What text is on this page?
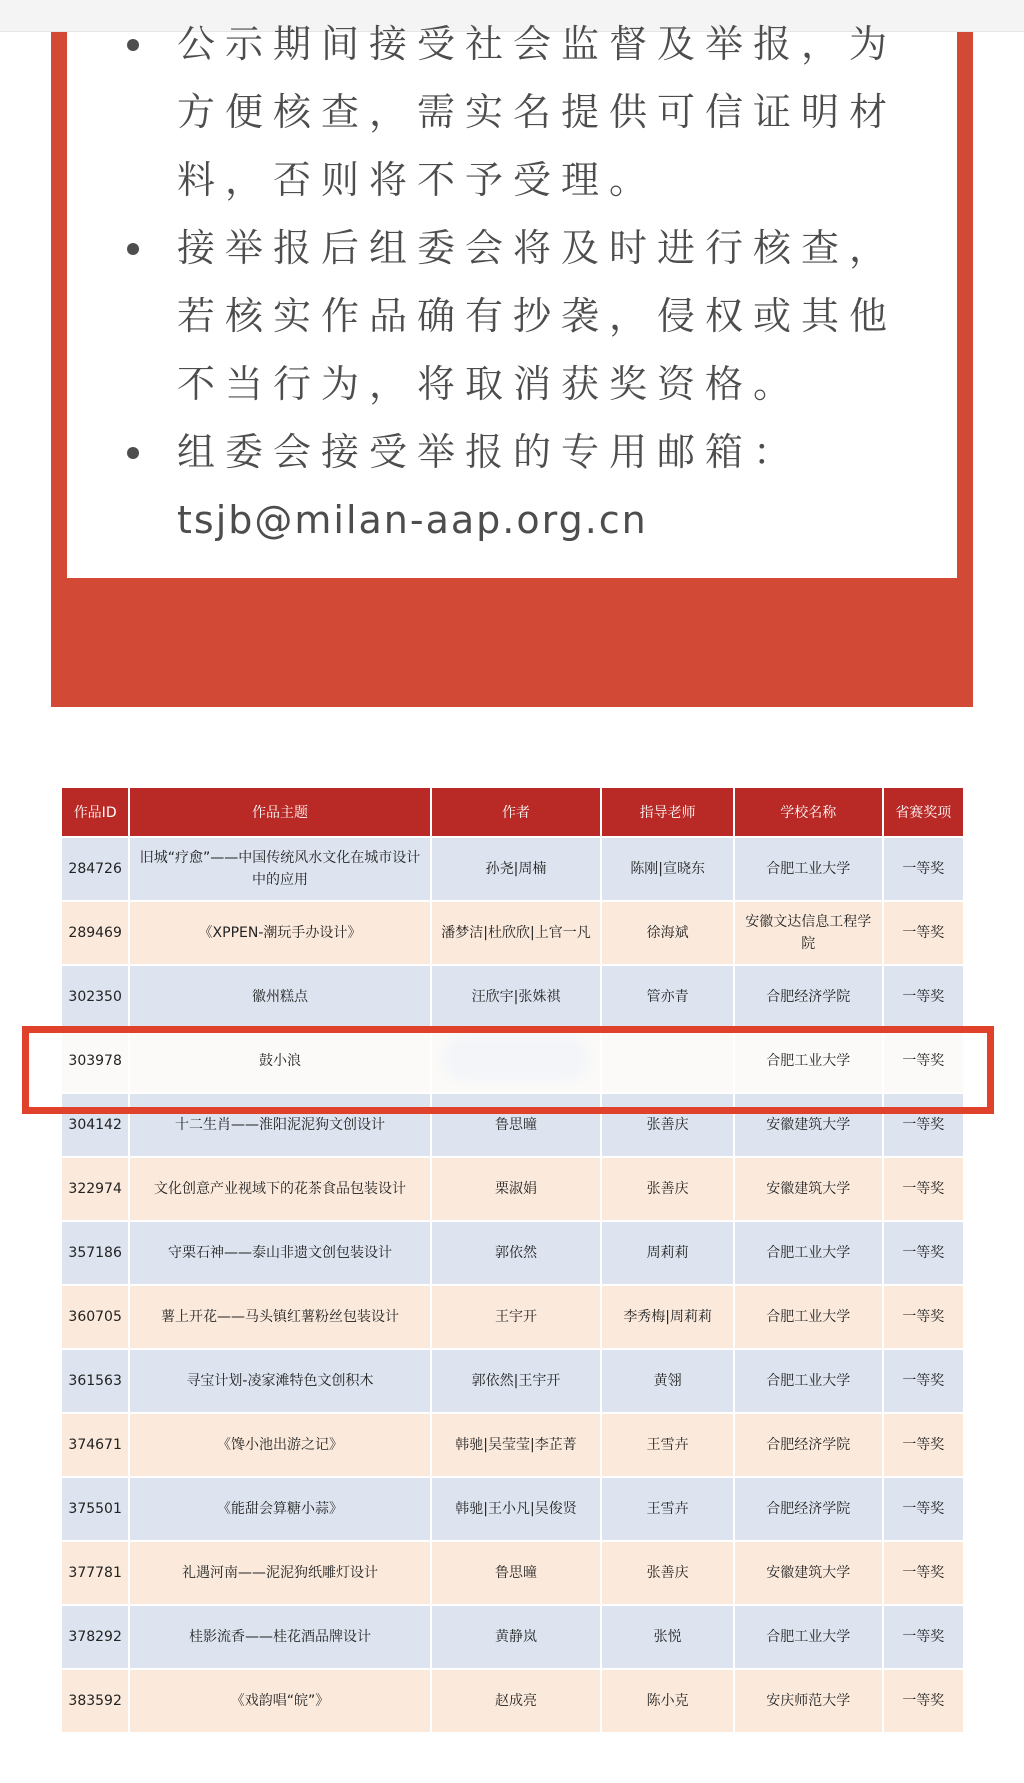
公示期间接受社会监督及举报，为方便核查，需实名提供可信证明材料，否则将不予受理。
接举报后组委会将及时进行核查，若核实作品确有抄袭，侵权或其他不当行为，将取消获奖资格。
组委会接受举报的专用邮箱：
tsjb@milan-aap.org.cn
作品ID	作品主题	作者	指导老师	学校名称	省赛奖项
284726	旧城“疗愈”——中国传统风水文化在城市设计中的应用	孙尧|周楠	陈刚|宣晓东	合肥工业大学	一等奖
289469	《XPPEN-潮玩手办设计》	潘梦洁|杜欣欣|上官一凡	徐海斌	安徽文达信息工程学院	一等奖
302350	徽州糕点	汪欣宇|张姝祺	管亦青	合肥经济学院	一等奖
303978	鼓小浪			合肥工业大学	一等奖
304142	十二生肖——淮阳泥泥狗文创设计	鲁思曈	张善庆	安徽建筑大学	一等奖
322974	文化创意产业视域下的花茶食品包装设计	栗淑娟	张善庆	安徽建筑大学	一等奖
357186	守栗石神——泰山非遗文创包装设计	郭依然	周莉莉	合肥工业大学	一等奖
360705	薯上开花——马头镇红薯粉丝包装设计	王宇开	李秀梅|周莉莉	合肥工业大学	一等奖
361563	寻宝计划-凌家滩特色文创积木	郭依然|王宇开	黄翎	合肥工业大学	一等奖
374671	《馋小池出游之记》	韩驰|吴莹莹|李芷菁	王雪卉	合肥经济学院	一等奖
375501	《能甜会算糖小蒜》	韩驰|王小凡|吴俊贤	王雪卉	合肥经济学院	一等奖
377781	礼遇河南——泥泥狗纸雕灯设计	鲁思曈	张善庆	安徽建筑大学	一等奖
378292	桂影流香——桂花酒品牌设计	黄静岚	张悦	合肥工业大学	一等奖
383592	《戏韵唱“皖”》	赵成亮	陈小克	安庆师范大学	一等奖
